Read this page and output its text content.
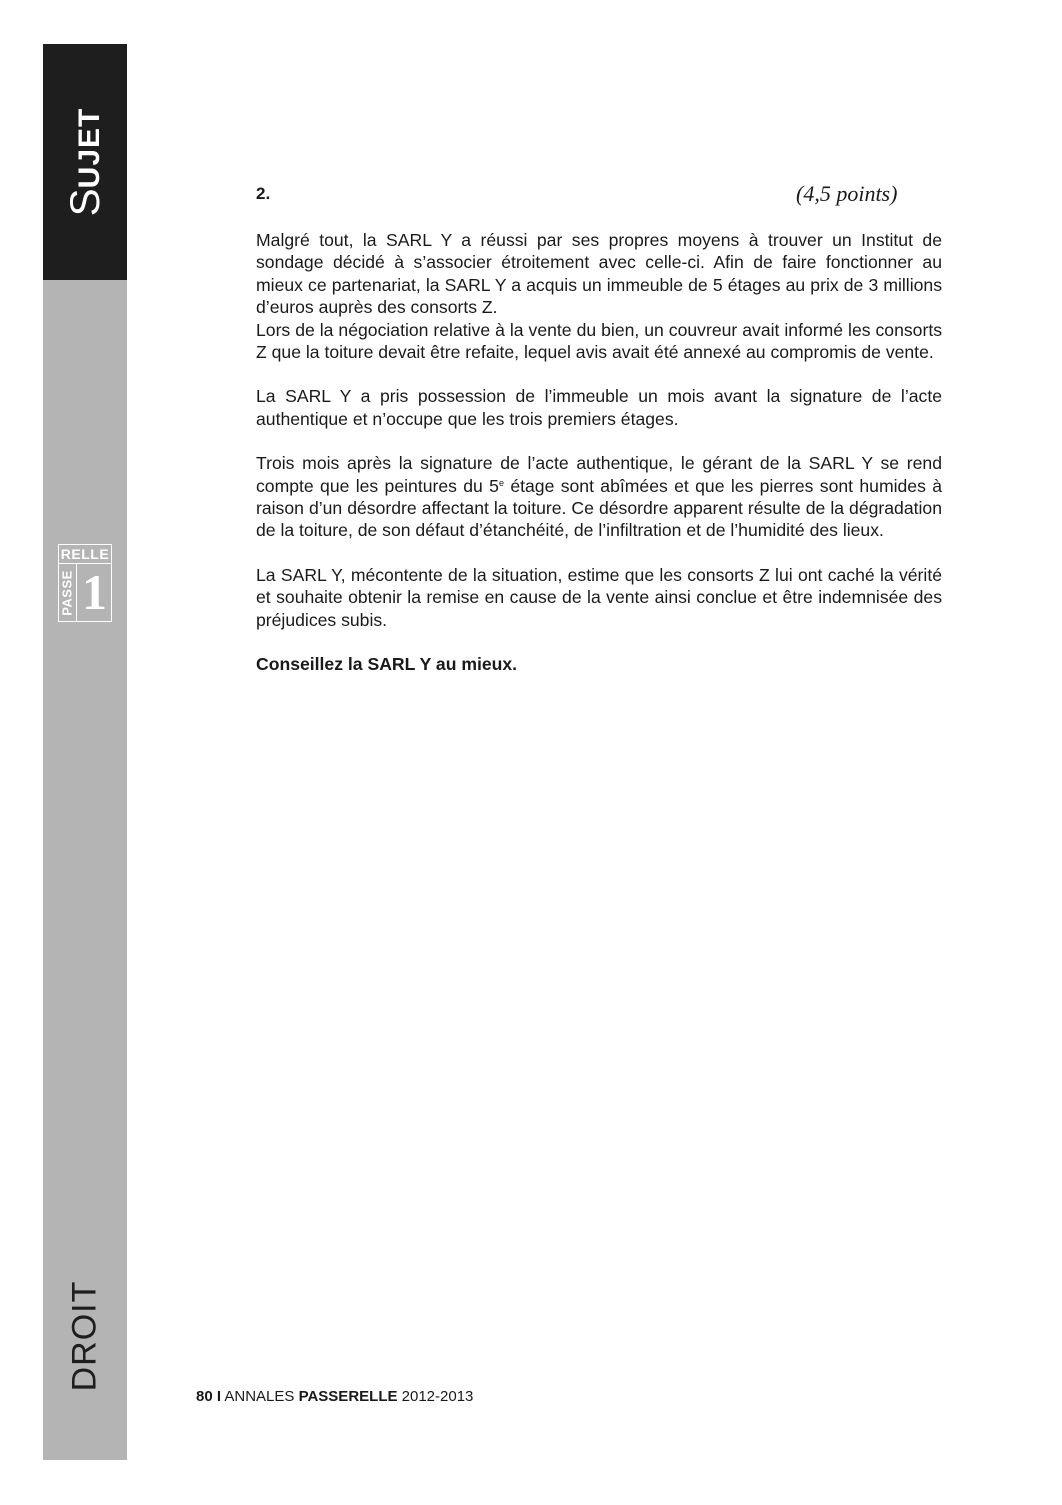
SUJET
RELLE
PASSE 1
DROIT
2.	(4,5 points)

Malgré tout, la SARL Y a réussi par ses propres moyens à trouver un Institut de sondage décidé à s’associer étroitement avec celle-ci. Afin de faire fonctionner au mieux ce partenariat, la SARL Y a acquis un immeuble de 5 étages au prix de 3 millions d’euros auprès des consorts Z.

Lors de la négociation relative à la vente du bien, un couvreur avait informé les consorts Z que la toiture devait être refaite, lequel avis avait été annexé au compromis de vente.

La SARL Y a pris possession de l’immeuble un mois avant la signature de l’acte authentique et n’occupe que les trois premiers étages.

Trois mois après la signature de l’acte authentique, le gérant de la SARL Y se rend compte que les peintures du 5e étage sont abîmées et que les pierres sont humides à raison d’un désordre affectant la toiture. Ce désordre apparent résulte de la dégradation de la toiture, de son défaut d’étanchéité, de l’infiltration et de l’humidité des lieux.

La SARL Y, mécontente de la situation, estime que les consorts Z lui ont caché la vérité et souhaite obtenir la remise en cause de la vente ainsi conclue et être indemnisée des préjudices subis.

Conseillez la SARL Y au mieux.

80 I ANNALES PASSERELLE 2012-2013
